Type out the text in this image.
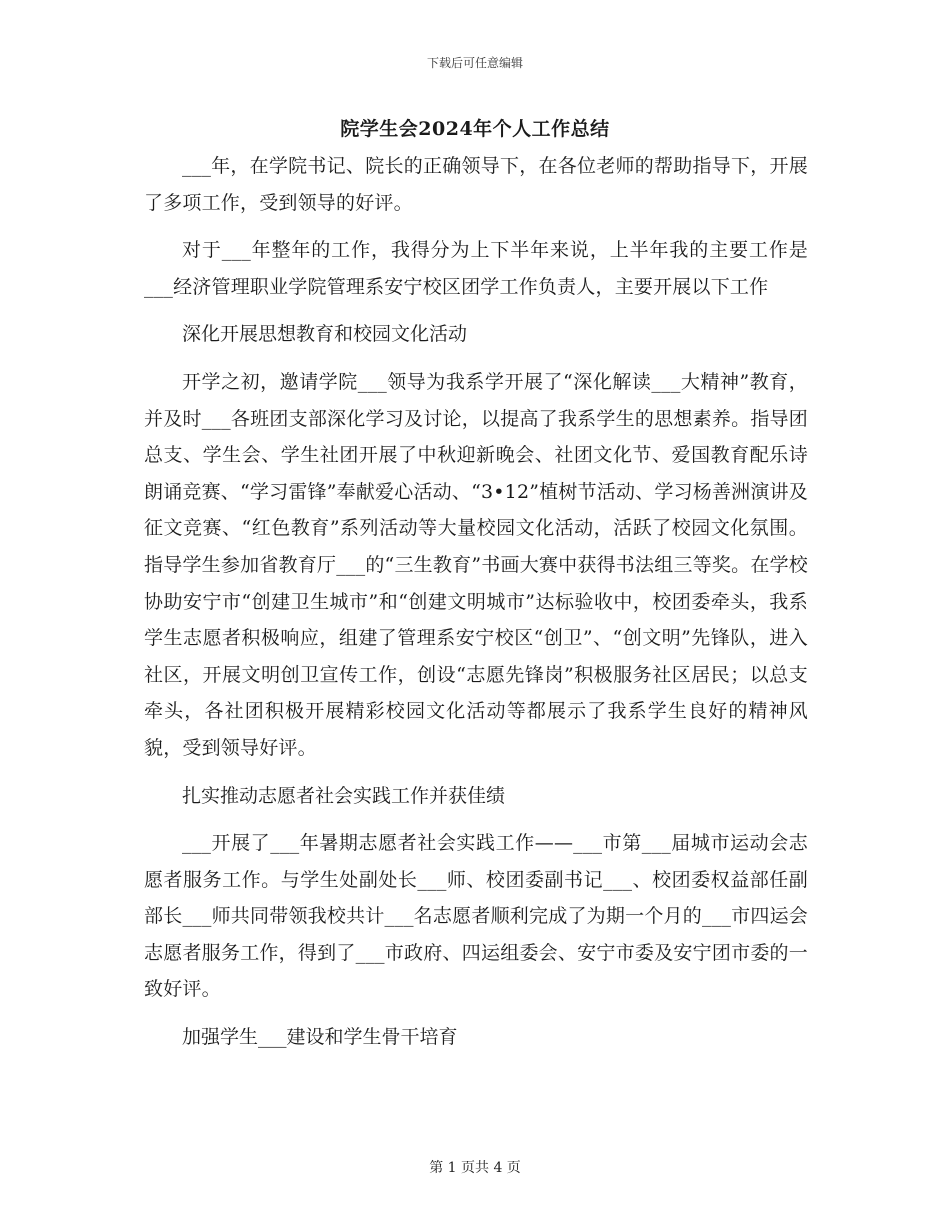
下载后可任意编辑
院学生会2024年个人工作总结

___年，在学院书记、院长的正确领导下，在各位老师的帮助指导下，开展了多项工作，受到领导的好评。

对于___年整年的工作，我得分为上下半年来说，上半年我的主要工作是___经济管理职业学院管理系安宁校区团学工作负责人，主要开展以下工作

深化开展思想教育和校园文化活动

开学之初，邀请学院___领导为我系学开展了“深化解读___大精神”教育，并及时___各班团支部深化学习及讨论，以提高了我系学生的思想素养。指导团总支、学生会、学生社团开展了中秋迎新晚会、社团文化节、爱国教育配乐诗朗诵竞赛、“学习雷锋”奉献爱心活动、“3•12”植树节活动、学习杨善洲演讲及征文竞赛、“红色教育”系列活动等大量校园文化活动，活跃了校园文化氛围。指导学生参加省教育厅___的“三生教育”书画大赛中获得书法组三等奖。在学校协助安宁市“创建卫生城市”和“创建文明城市”达标验收中，校团委牵头，我系学生志愿者积极响应，组建了管理系安宁校区“创卫”、“创文明”先锋队，进入社区，开展文明创卫宣传工作，创设“志愿先锋岗”积极服务社区居民；以总支牵头，各社团积极开展精彩校园文化活动等都展示了我系学生良好的精神风貌，受到领导好评。

扎实推动志愿者社会实践工作并获佳绩

___开展了___年暑期志愿者社会实践工作——___市第___届城市运动会志愿者服务工作。与学生处副处长___师、校团委副书记___、校团委权益部任副部长___师共同带领我校共计___名志愿者顺利完成了为期一个月的___市四运会志愿者服务工作，得到了___市政府、四运组委会、安宁市委及安宁团市委的一致好评。

加强学生___建设和学生骨干培育

第 1 页共 4 页
